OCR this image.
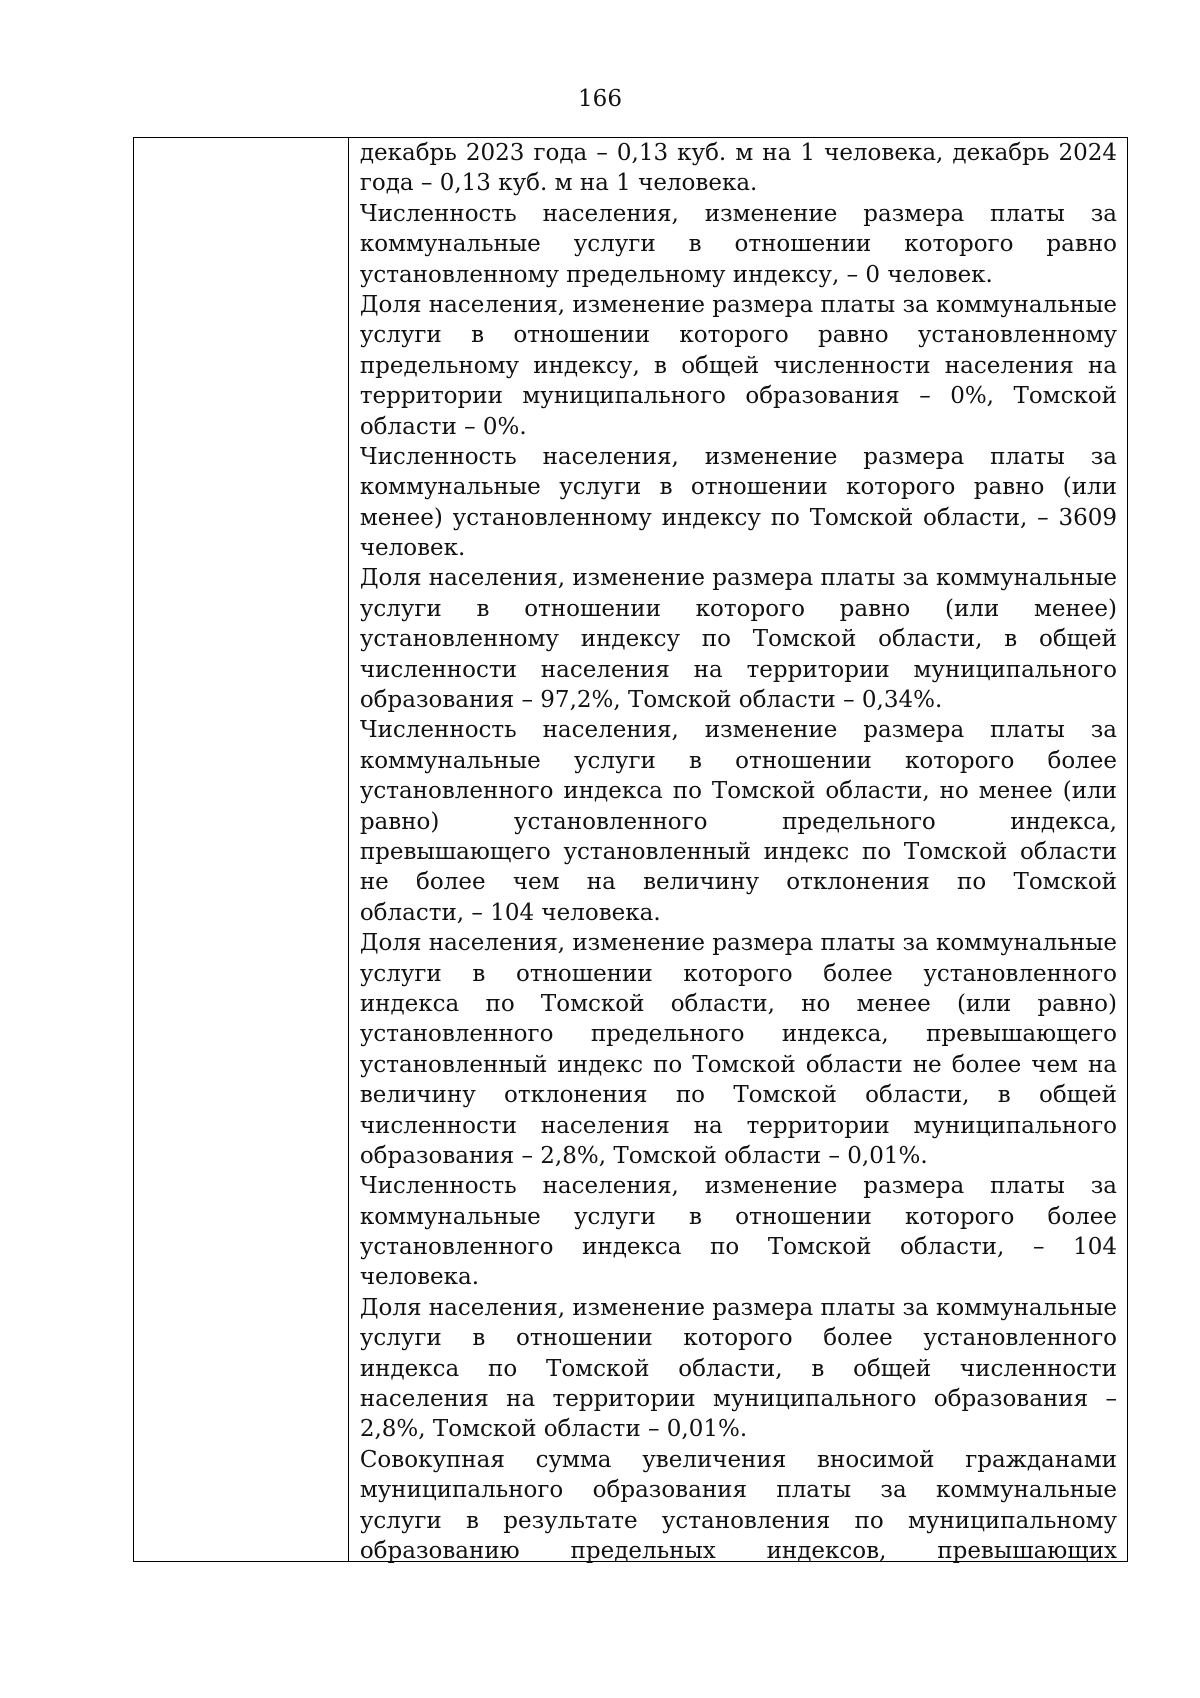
166
декабрь 2023 года – 0,13 куб. м на 1 человека, декабрь 2024
года – 0,13 куб. м на 1 человека.
Численность населения, изменение размера платы за
коммунальные услуги в отношении которого равно
установленному предельному индексу, – 0 человек.
Доля населения, изменение размера платы за коммунальные
услуги в отношении которого равно установленному
предельному индексу, в общей численности населения на
территории муниципального образования – 0%, Томской
области – 0%.
Численность населения, изменение размера платы за
коммунальные услуги в отношении которого равно (или
менее) установленному индексу по Томской области, – 3609
человек.
Доля населения, изменение размера платы за коммунальные
услуги в отношении которого равно (или менее)
установленному индексу по Томской области, в общей
численности населения на территории муниципального
образования – 97,2%, Томской области – 0,34%.
Численность населения, изменение размера платы за
коммунальные услуги в отношении которого более
установленного индекса по Томской области, но менее (или
равно) установленного предельного индекса,
превышающего установленный индекс по Томской области
не более чем на величину отклонения по Томской
области, – 104 человека.
Доля населения, изменение размера платы за коммунальные
услуги в отношении которого более установленного
индекса по Томской области, но менее (или равно)
установленного предельного индекса, превышающего
установленный индекс по Томской области не более чем на
величину отклонения по Томской области, в общей
численности населения на территории муниципального
образования – 2,8%, Томской области – 0,01%.
Численность населения, изменение размера платы за
коммунальные услуги в отношении которого более
установленного индекса по Томской области, – 104
человека.
Доля населения, изменение размера платы за коммунальные
услуги в отношении которого более установленного
индекса по Томской области, в общей численности
населения на территории муниципального образования –
2,8%, Томской области – 0,01%.
Совокупная сумма увеличения вносимой гражданами
муниципального образования платы за коммунальные
услуги в результате установления по муниципальному
образованию предельных индексов, превышающих
